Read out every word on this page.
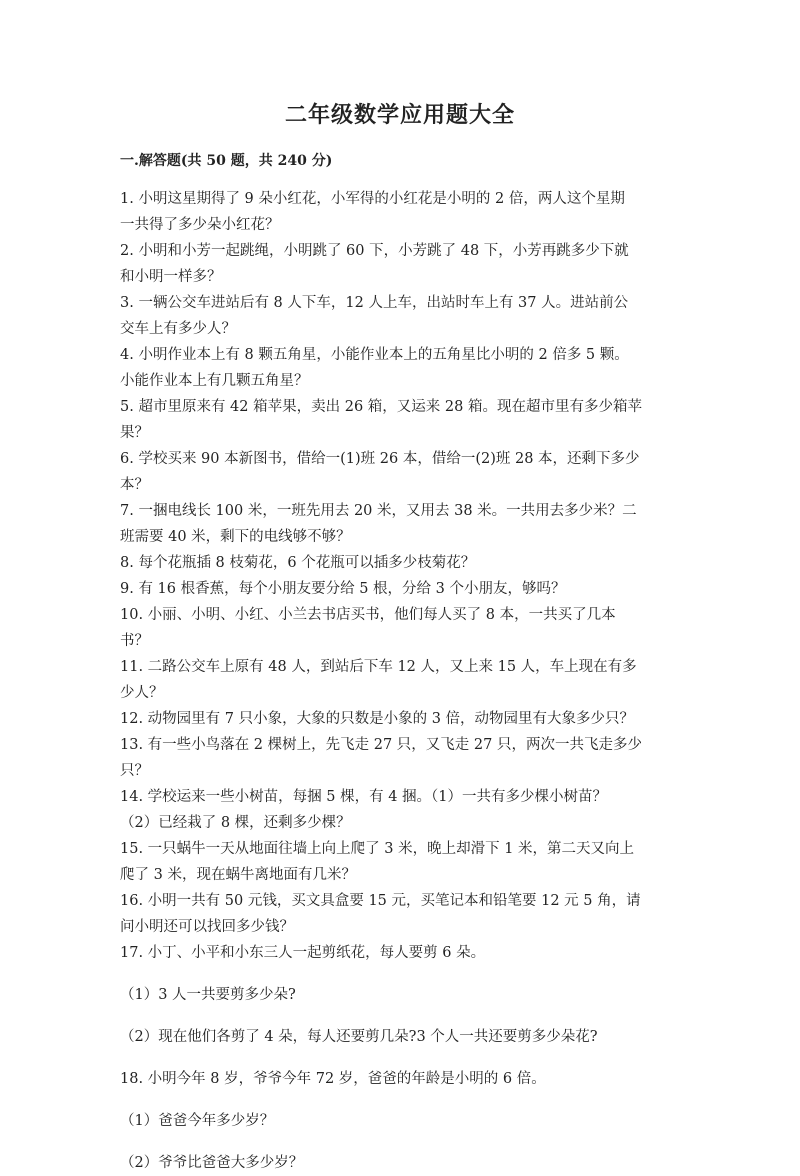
二年级数学应用题大全
一.解答题(共 50 题，共 240 分)
1. 小明这星期得了 9 朵小红花，小军得的小红花是小明的 2 倍，两人这个星期
一共得了多少朵小红花？
2. 小明和小芳一起跳绳，小明跳了 60 下，小芳跳了 48 下，小芳再跳多少下就
和小明一样多？
3. 一辆公交车进站后有 8 人下车，12 人上车，出站时车上有 37 人。进站前公
交车上有多少人？
4. 小明作业本上有 8 颗五角星，小能作业本上的五角星比小明的 2 倍多 5 颗。
小能作业本上有几颗五角星？
5. 超市里原来有 42 箱苹果，卖出 26 箱，又运来 28 箱。现在超市里有多少箱苹
果？
6. 学校买来 90 本新图书，借给一(1)班 26 本，借给一(2)班 28 本，还剩下多少
本？
7. 一捆电线长 100 米，一班先用去 20 米，又用去 38 米。一共用去多少米？二
班需要 40 米，剩下的电线够不够？
8. 每个花瓶插 8 枝菊花，6 个花瓶可以插多少枝菊花？
9. 有 16 根香蕉，每个小朋友要分给 5 根，分给 3 个小朋友，够吗？
10. 小丽、小明、小红、小兰去书店买书，他们每人买了 8 本，一共买了几本
书？
11. 二路公交车上原有 48 人，到站后下车 12 人，又上来 15 人，车上现在有多
少人？
12. 动物园里有 7 只小象，大象的只数是小象的 3 倍，动物园里有大象多少只？
13. 有一些小鸟落在 2 棵树上，先飞走 27 只，又飞走 27 只，两次一共飞走多少
只？
14. 学校运来一些小树苗，每捆 5 棵，有 4 捆。（1）一共有多少棵小树苗？
（2）已经栽了 8 棵，还剩多少棵？
15. 一只蜗牛一天从地面往墙上向上爬了 3 米，晚上却滑下 1 米，第二天又向上
爬了 3 米，现在蜗牛离地面有几米？
16. 小明一共有 50 元钱，买文具盒要 15 元，买笔记本和铅笔要 12 元 5 角，请
问小明还可以找回多少钱？
17. 小丁、小平和小东三人一起剪纸花，每人要剪 6 朵。
（1）3 人一共要剪多少朵?
（2）现在他们各剪了 4 朵，每人还要剪几朵?3 个人一共还要剪多少朵花?
18. 小明今年 8 岁，爷爷今年 72 岁，爸爸的年龄是小明的 6 倍。
（1）爸爸今年多少岁？
（2）爷爷比爸爸大多少岁？
